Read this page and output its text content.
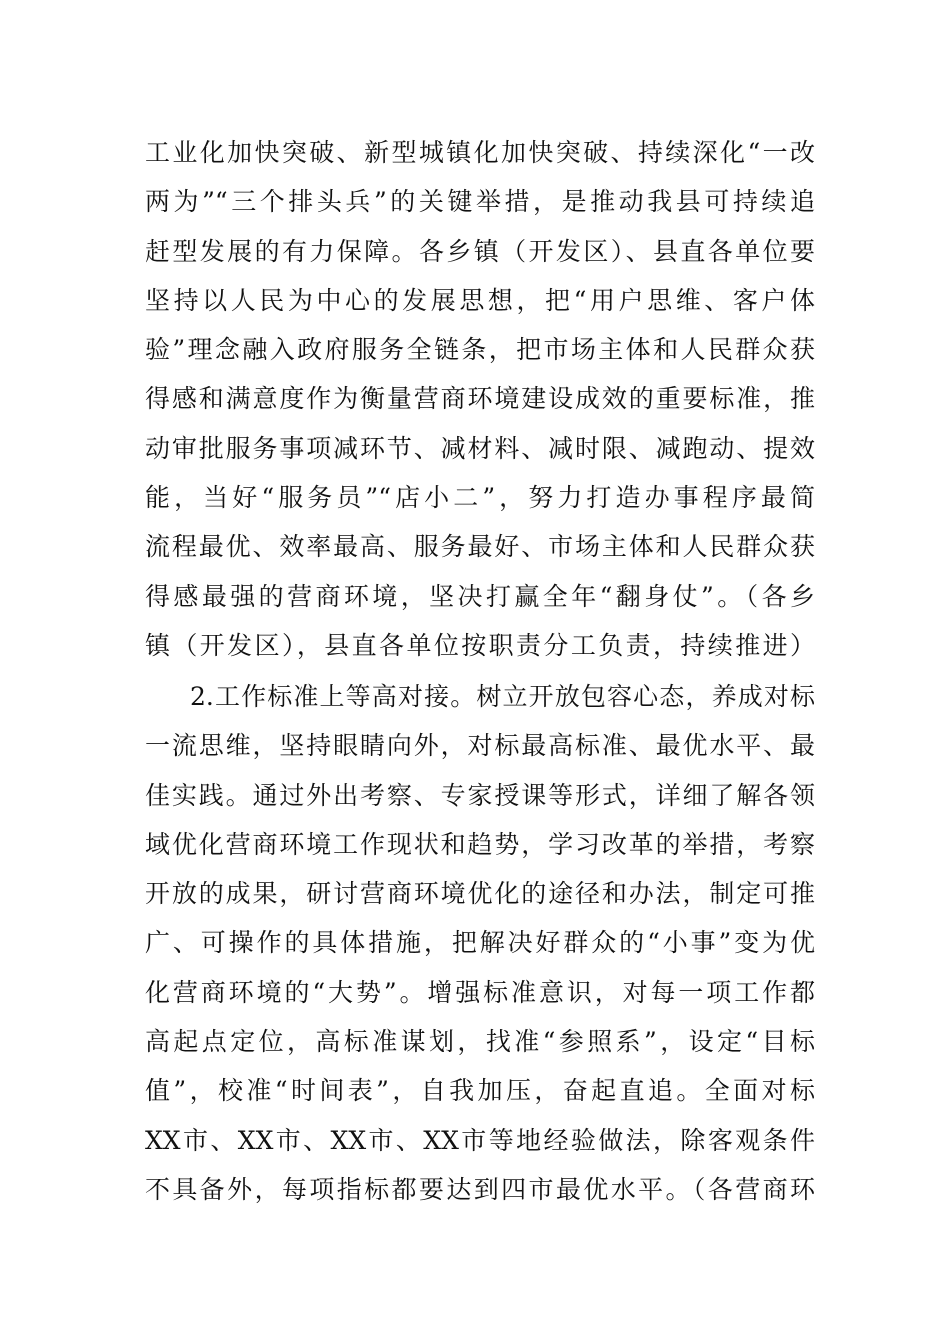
工业化加快突破、新型城镇化加快突破、持续深化“一改
两为”“三个排头兵”的关键举措，是推动我县可持续追
赶型发展的有力保障。各乡镇（开发区）、县直各单位要
坚持以人民为中心的发展思想，把“用户思维、客户体
验”理念融入政府服务全链条，把市场主体和人民群众获
得感和满意度作为衡量营商环境建设成效的重要标准，推
动审批服务事项减环节、减材料、减时限、减跑动、提效
能，当好“服务员”“店小二”，努力打造办事程序最简
流程最优、效率最高、服务最好、市场主体和人民群众获
得感最强的营商环境，坚决打赢全年“翻身仗”。（各乡
镇（开发区），县直各单位按职责分工负责，持续推进）
2.工作标准上等高对接。树立开放包容心态，养成对标
一流思维，坚持眼睛向外，对标最高标准、最优水平、最
佳实践。通过外出考察、专家授课等形式，详细了解各领
域优化营商环境工作现状和趋势，学习改革的举措，考察
开放的成果，研讨营商环境优化的途径和办法，制定可推
广、可操作的具体措施，把解决好群众的“小事”变为优
化营商环境的“大势”。增强标准意识，对每一项工作都
高起点定位，高标准谋划，找准“参照系”，设定“目标
值”，校准“时间表”，自我加压，奋起直追。全面对标
XX市、XX市、XX市、XX市等地经验做法，除客观条件
不具备外，每项指标都要达到四市最优水平。（各营商环
